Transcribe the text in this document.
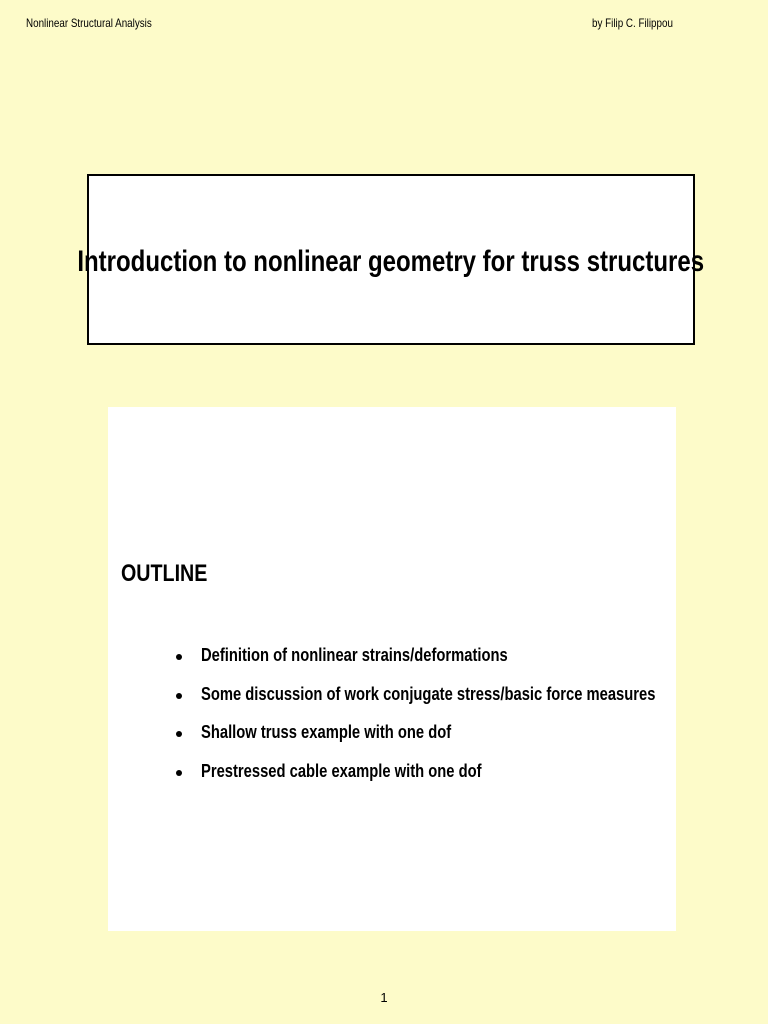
Nonlinear Structural Analysis	by Filip C. Filippou
Introduction to nonlinear geometry for truss structures
OUTLINE
Definition of nonlinear strains/deformations
Some discussion of work conjugate stress/basic force measures
Shallow truss example with one dof
Prestressed cable example with one dof
1
